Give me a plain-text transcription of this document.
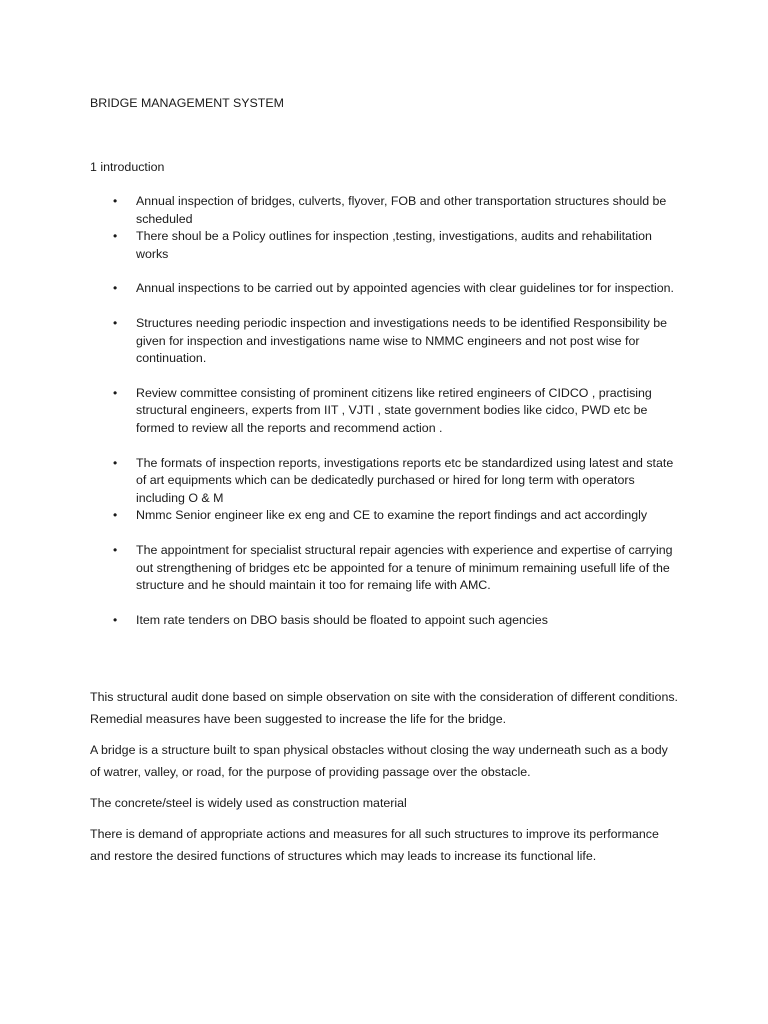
BRIDGE MANAGEMENT SYSTEM
1 introduction
• Annual inspection of bridges, culverts, flyover, FOB and other transportation structures should be scheduled
• There shoul be a Policy outlines for inspection ,testing, investigations, audits and rehabilitation works
• Annual inspections to be carried out by appointed agencies with clear guidelines tor for inspection.
• Structures needing periodic inspection and investigations needs to be identified Responsibility be given for inspection and investigations name wise to NMMC engineers and not post wise for continuation.
• Review committee consisting of prominent citizens like retired engineers of CIDCO , practising structural engineers, experts from IIT , VJTI , state government bodies like cidco, PWD etc be formed to review all the reports and recommend action .
• The formats of inspection reports, investigations reports etc be standardized using latest and state of art equipments which can be dedicatedly purchased or hired for long term with operators including O & M
• Nmmc Senior engineer like ex eng and CE to examine the report findings and act accordingly
• The appointment for specialist structural repair agencies with experience and expertise of carrying out strengthening of bridges etc be appointed for a tenure of minimum remaining usefull life of the structure and he should maintain it too for remaing life with AMC.
• Item rate tenders on DBO basis should be floated to appoint such agencies

This structural audit done based on simple observation on site with the consideration of different conditions. Remedial measures have been suggested to increase the life for the bridge.

A bridge is a structure built to span physical obstacles without closing the way underneath such as a body of watrer, valley, or road, for the purpose of providing passage over the obstacle.

The concrete/steel is widely used as construction material

There is demand of appropriate actions and measures for all such structures to improve its performance and restore the desired functions of structures which may leads to increase its functional life.
